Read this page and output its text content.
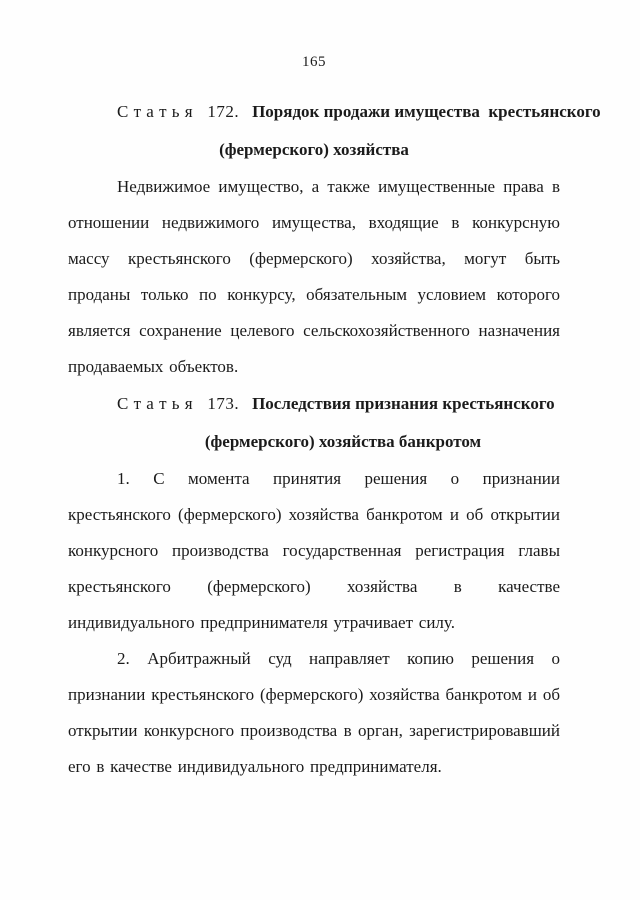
165
С т а т ь я   172. Порядок продажи имущества  крестьянского
(фермерского) хозяйства

Недвижимое имущество, а также имущественные права в отношении недвижимого имущества, входящие в конкурсную массу крестьянского (фермерского) хозяйства, могут быть проданы только по конкурсу, обязательным условием которого является сохранение целевого сельскохозяйственного назначения продаваемых объектов.

С т а т ь я   173. Последствия признания крестьянского
(фермерского) хозяйства банкротом

1. С момента принятия решения о признании крестьянского (фермерского) хозяйства банкротом и об открытии конкурсного производства государственная регистрация главы крестьянского (фермерского) хозяйства в качестве индивидуального предпринимателя утрачивает силу.

2. Арбитражный суд направляет копию решения о признании крестьянского (фермерского) хозяйства банкротом и об открытии конкурсного производства в орган, зарегистрировавший его в качестве индивидуального предпринимателя.
